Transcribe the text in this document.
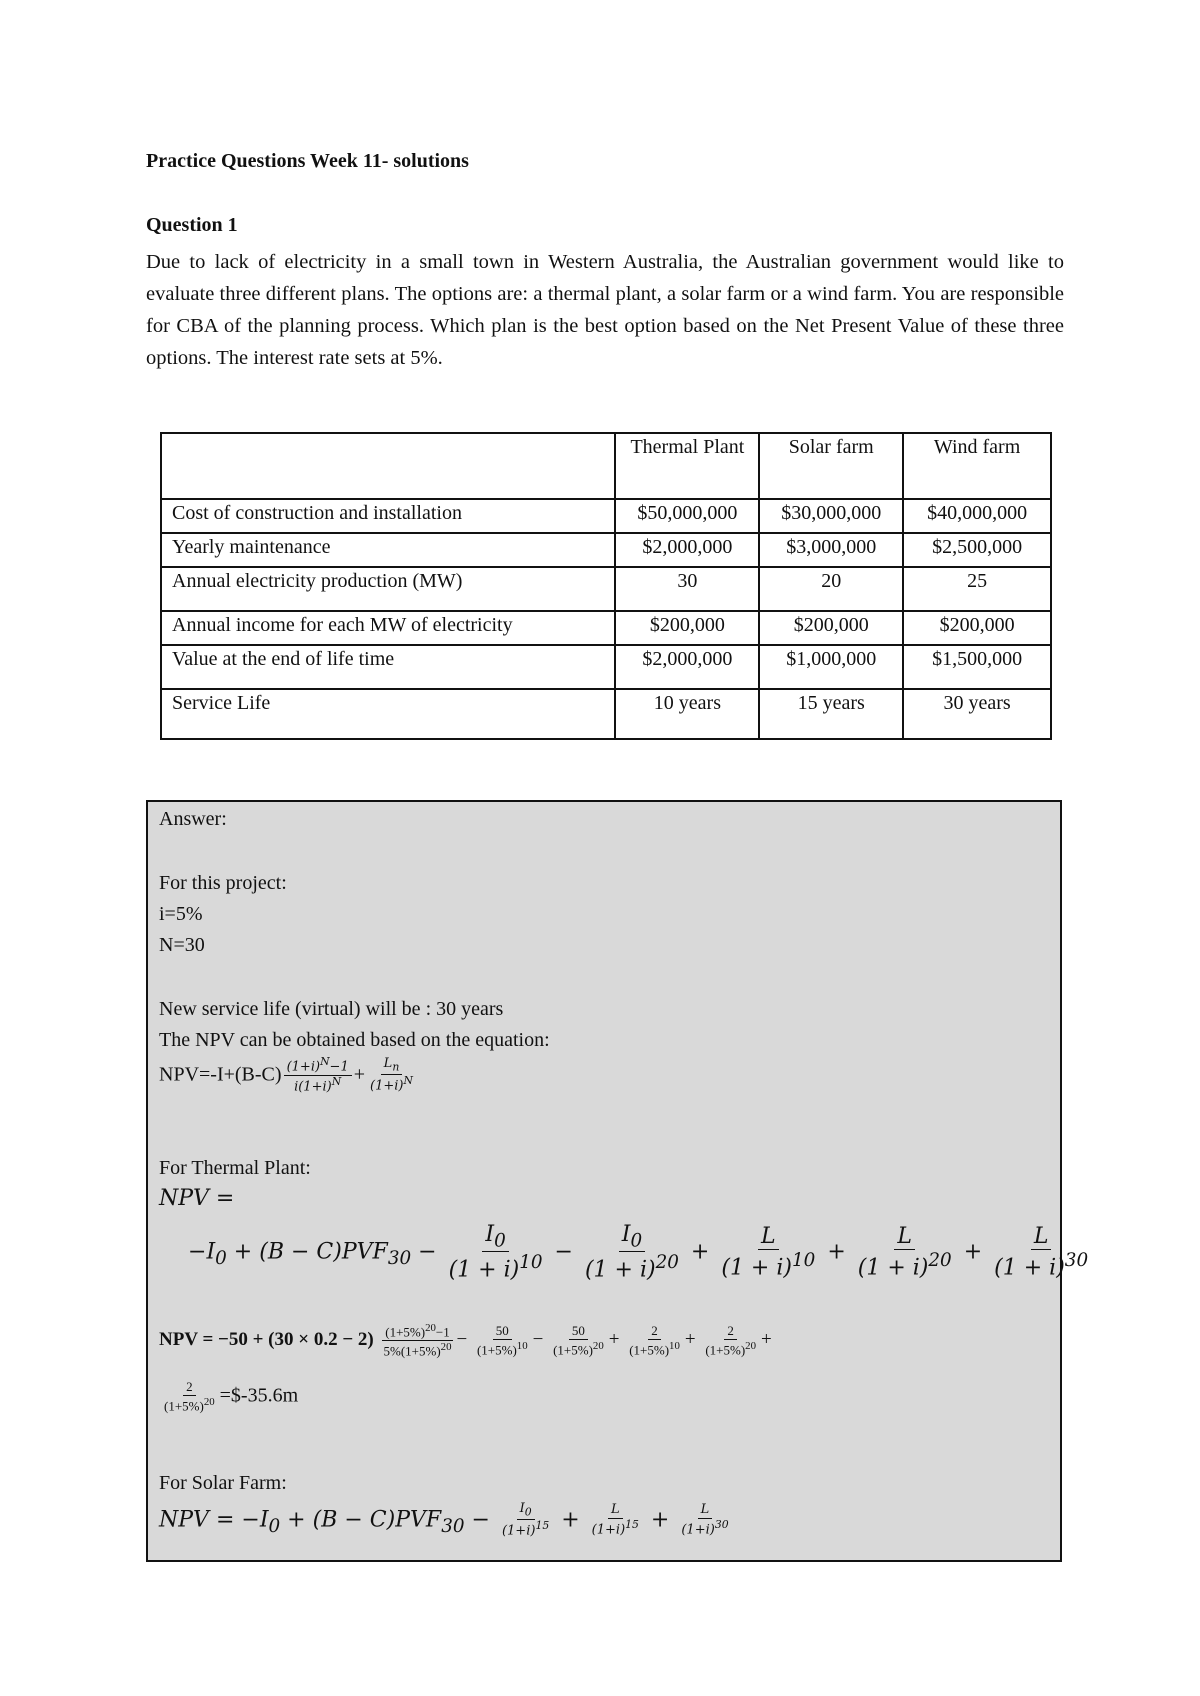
Practice Questions Week 11- solutions
Question 1
Due to lack of electricity in a small town in Western Australia, the Australian government would like to evaluate three different plans. The options are: a thermal plant, a solar farm or a wind farm. You are responsible for CBA of the planning process. Which plan is the best option based on the Net Present Value of these three options. The interest rate sets at 5%.
	Thermal Plant	Solar farm	Wind farm
Cost of construction and installation	$50,000,000	$30,000,000	$40,000,000
Yearly maintenance	$2,000,000	$3,000,000	$2,500,000
Annual electricity production (MW)	30	20	25
Annual income for each MW of electricity	$200,000	$200,000	$200,000
Value at the end of life time	$2,000,000	$1,000,000	$1,500,000
Service Life	10 years	15 years	30 years
Answer:
For this project:
i=5%
N=30
New service life (virtual) will be : 30 years
The NPV can be obtained based on the equation:
$NPV=-I+(B-C) \frac{(1+i)^N-1}{i(1+i)^N} + \frac{L_n}{(1+i)^N}$
For Thermal Plant:
NPV =
$-I_0 + (B - C)PVF_{30} - \frac{I_0}{(1 + i)^{10}} - \frac{I_0}{(1 + i)^{20}} + \frac{L}{(1 + i)^{10}} + \frac{L}{(1 + i)^{20}} + \frac{L}{(1 + i)^{30}}$
NPV = $-50 + (30 \times 0.2 - 2) \frac{(1+5\%)^{20}-1}{5\%(1+5\%)^{20}} - \frac{50}{(1+5\%)^{10}} - \frac{50}{(1+5\%)^{20}} + \frac{2}{(1+5\%)^{10}} + \frac{2}{(1+5\%)^{20}}$ +
$\frac{2}{(1+5\%)^{20}}$ =$-35.6m
For Solar Farm:
NPV = $-I_0 + (B - C)PVF_{30} - \frac{I_0}{(1+i)^{15}} + \frac{L}{(1+i)^{15}} + \frac{L}{(1+i)^{30}}$
